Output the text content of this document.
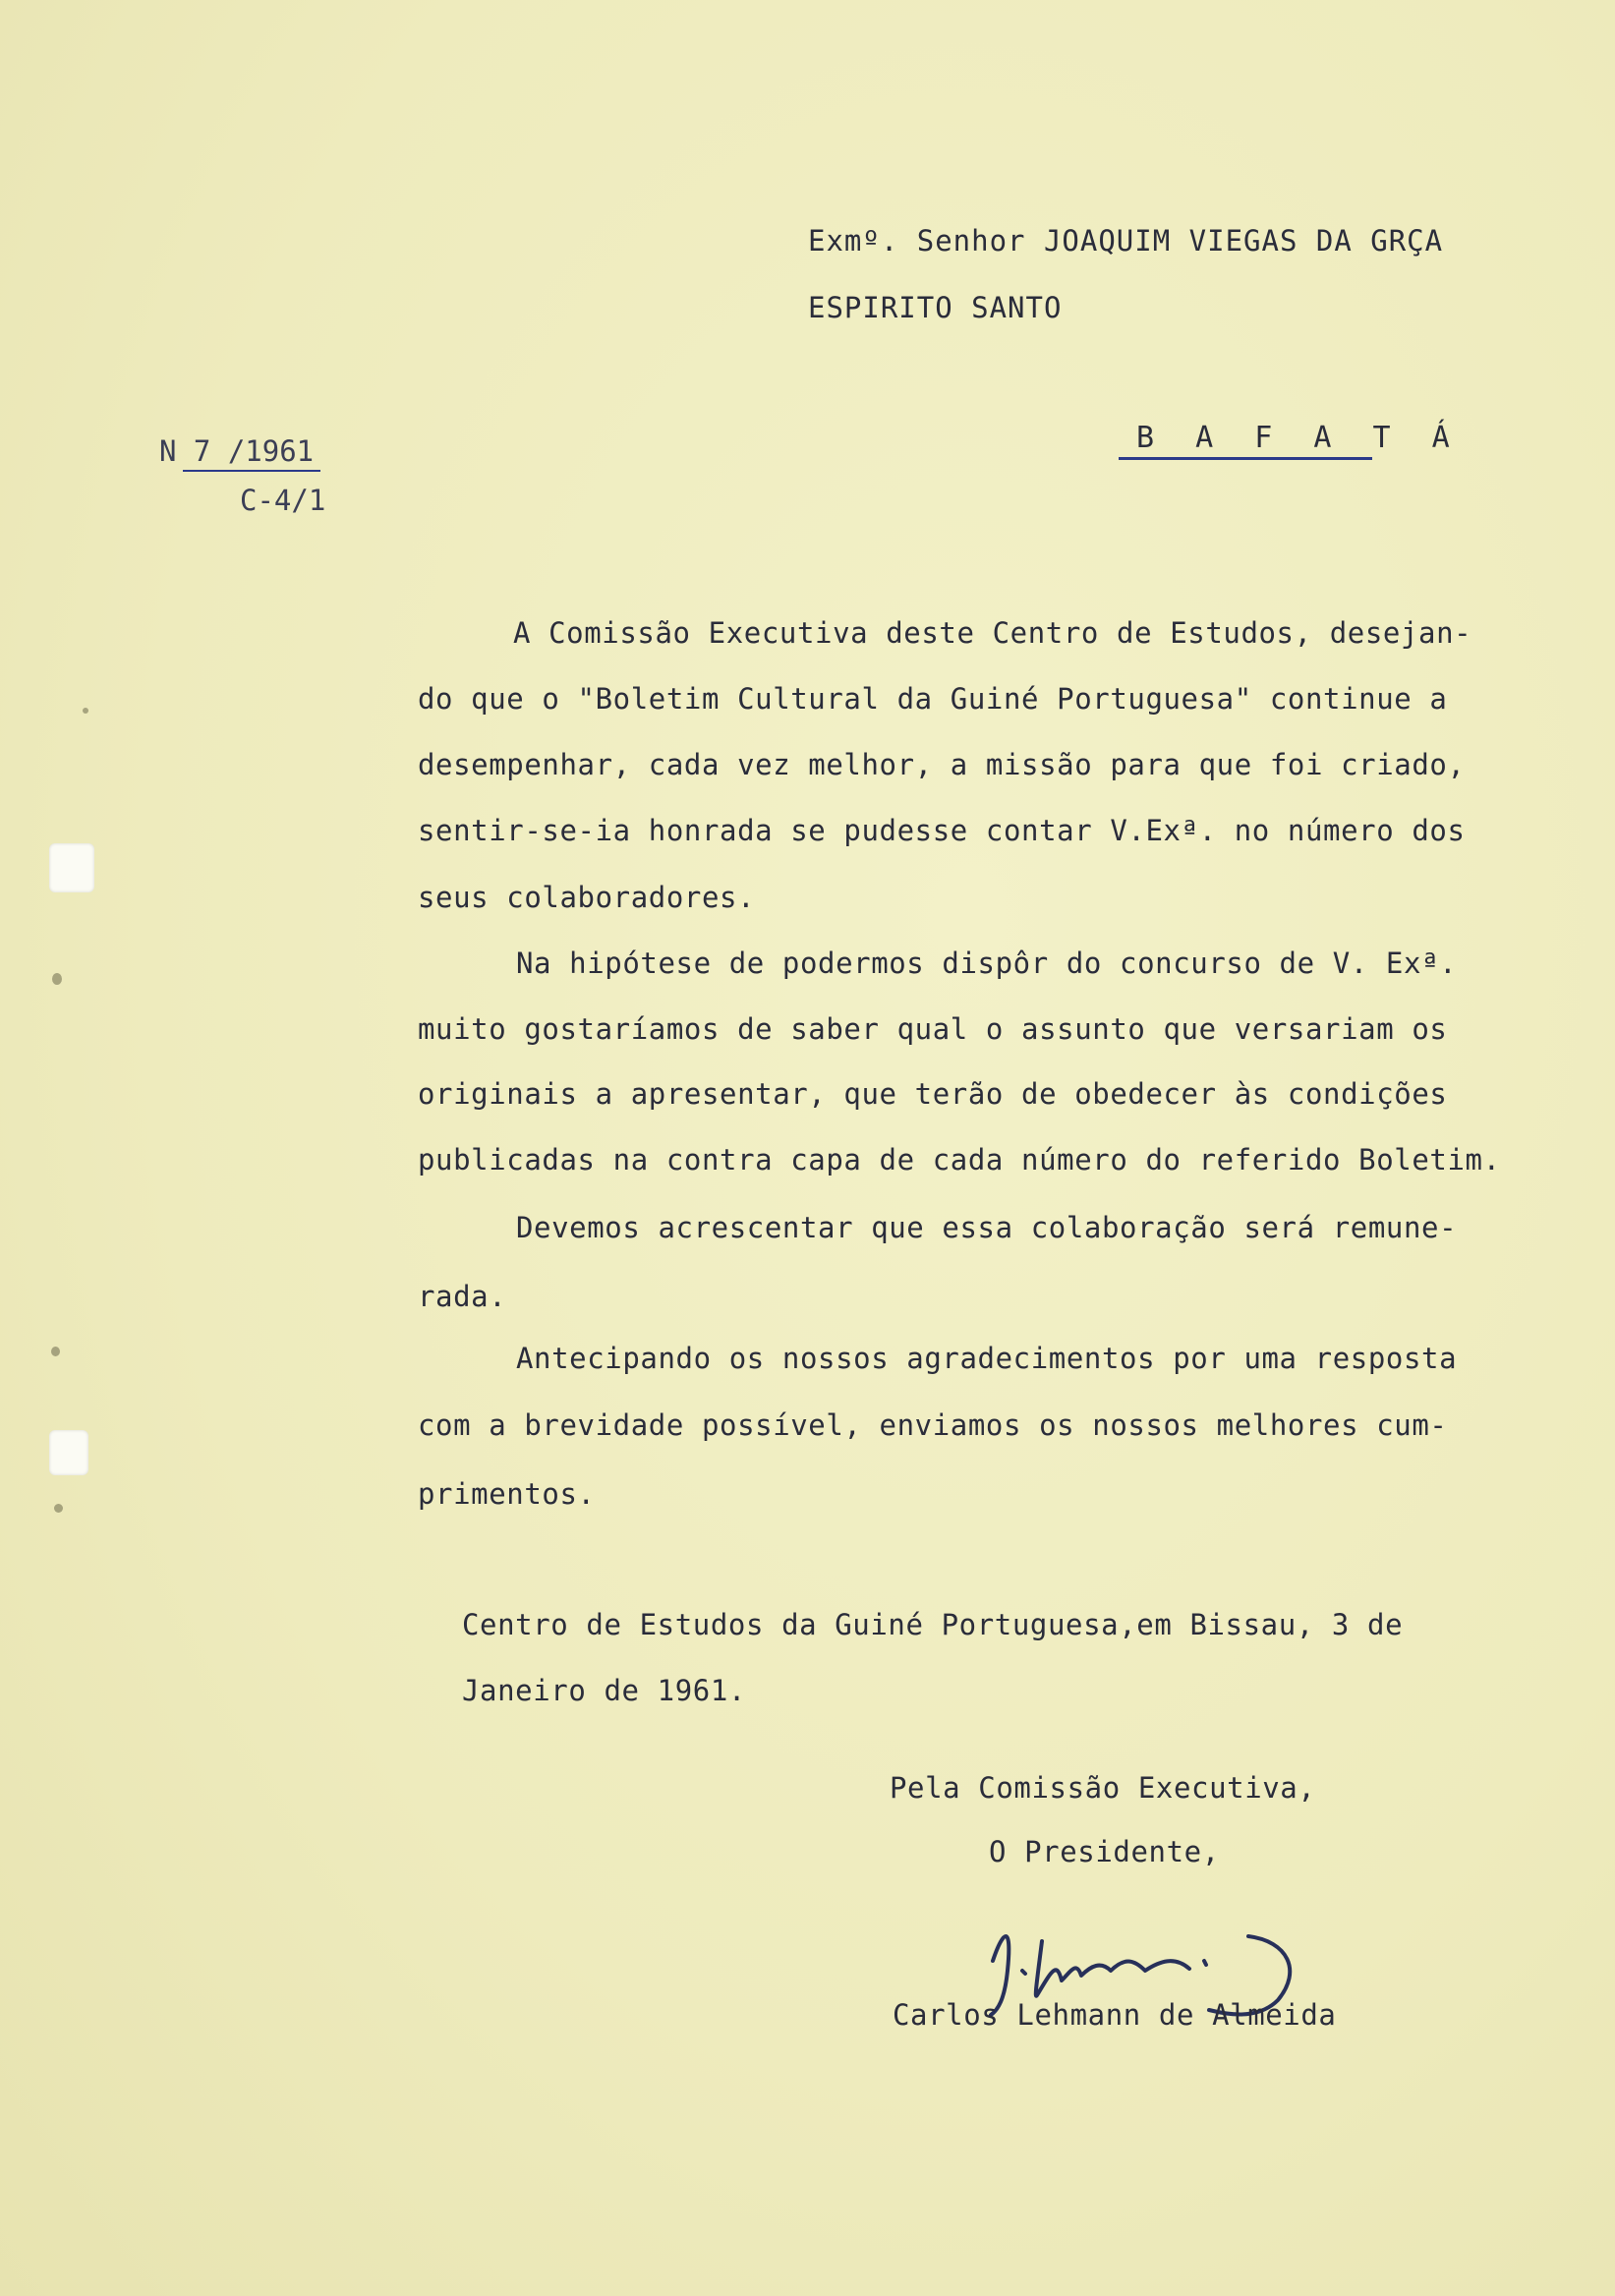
Exmº. Senhor JOAQUIM VIEGAS DA GRÇA
ESPIRITO SANTO
B A F A T Á
N 7 /1961
C-4/1
A Comissão Executiva deste Centro de Estudos, desejan-
do que o "Boletim Cultural da Guiné Portuguesa" continue a
desempenhar, cada vez melhor, a missão para que foi criado,
sentir-se-ia honrada se pudesse contar V.Exª. no número dos
seus colaboradores.
Na hipótese de podermos dispôr do concurso de V. Exª.
muito gostaríamos de saber qual o assunto que versariam os
originais a apresentar, que terão de obedecer às condições
publicadas na contra capa de cada número do referido Boletim.
Devemos acrescentar que essa colaboração será remune-
rada.
Antecipando os nossos agradecimentos por uma resposta
com a brevidade possível, enviamos os nossos melhores cum-
primentos.
Centro de Estudos da Guiné Portuguesa,em Bissau, 3 de
Janeiro de 1961.
Pela Comissão Executiva,
O Presidente,
Carlos Lehmann de Almeida
